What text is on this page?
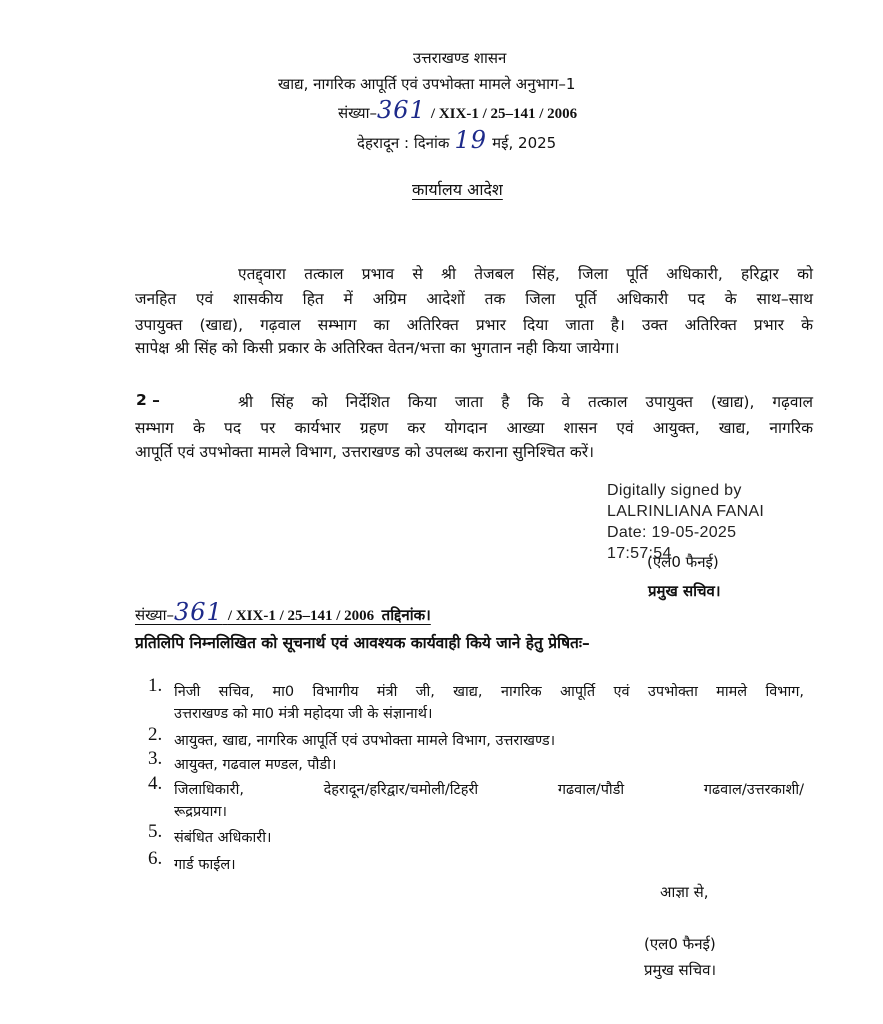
उत्तराखण्ड शासन
खाद्य, नागरिक आपूर्ति एवं उपभोक्ता मामले अनुभाग–1
संख्या–361 / XIX-1 / 25–141 / 2006
देहरादून : दिनांक 19 मई, 2025
कार्यालय आदेश
एतद्द्वारा तत्काल प्रभाव से श्री तेजबल सिंह, जिला पूर्ति अधिकारी, हरिद्वार को
जनहित एवं शासकीय हित में अग्रिम आदेशों तक जिला पूर्ति अधिकारी पद के साथ–साथ
उपायुक्त (खाद्य), गढ़वाल सम्भाग का अतिरिक्त प्रभार दिया जाता है। उक्त अतिरिक्त प्रभार के
सापेक्ष श्री सिंह को किसी प्रकार के अतिरिक्त वेतन/भत्ता का भुगतान नही किया जायेगा।
2 –	श्री सिंह को निर्देशित किया जाता है कि वे तत्काल उपायुक्त (खाद्य), गढ़वाल
सम्भाग के पद पर कार्यभार ग्रहण कर योगदान आख्या शासन एवं आयुक्त, खाद्य, नागरिक
आपूर्ति एवं उपभोक्ता मामले विभाग, उत्तराखण्ड को उपलब्ध कराना सुनिश्चित करें।
Digitally signed by
LALRINLIANA FANAI
Date: 19-05-2025
17:57:54
(एल0 फैनई)
प्रमुख सचिव।
संख्या–361 / XIX-1 / 25–141 / 2006  तद्दिनांक।
प्रतिलिपि निम्नलिखित को सूचनार्थ एवं आवश्यक कार्यवाही किये जाने हेतु प्रेषितः–
1. निजी सचिव, मा0 विभागीय मंत्री जी, खाद्य, नागरिक आपूर्ति एवं उपभोक्ता मामले विभाग,
उत्तराखण्ड को मा0 मंत्री महोदया जी के संज्ञानार्थ।
2. आयुक्त, खाद्य, नागरिक आपूर्ति एवं उपभोक्ता मामले विभाग, उत्तराखण्ड।
3. आयुक्त, गढवाल मण्डल, पौडी।
4. जिलाधिकारी, देहरादून/हरिद्वार/चमोली/टिहरी गढवाल/पौडी गढवाल/उत्तरकाशी/
रूद्रप्रयाग।
5. संबंधित अधिकारी।
6. गार्ड फाईल।
आज्ञा से,
(एल0 फैनई)
प्रमुख सचिव।
